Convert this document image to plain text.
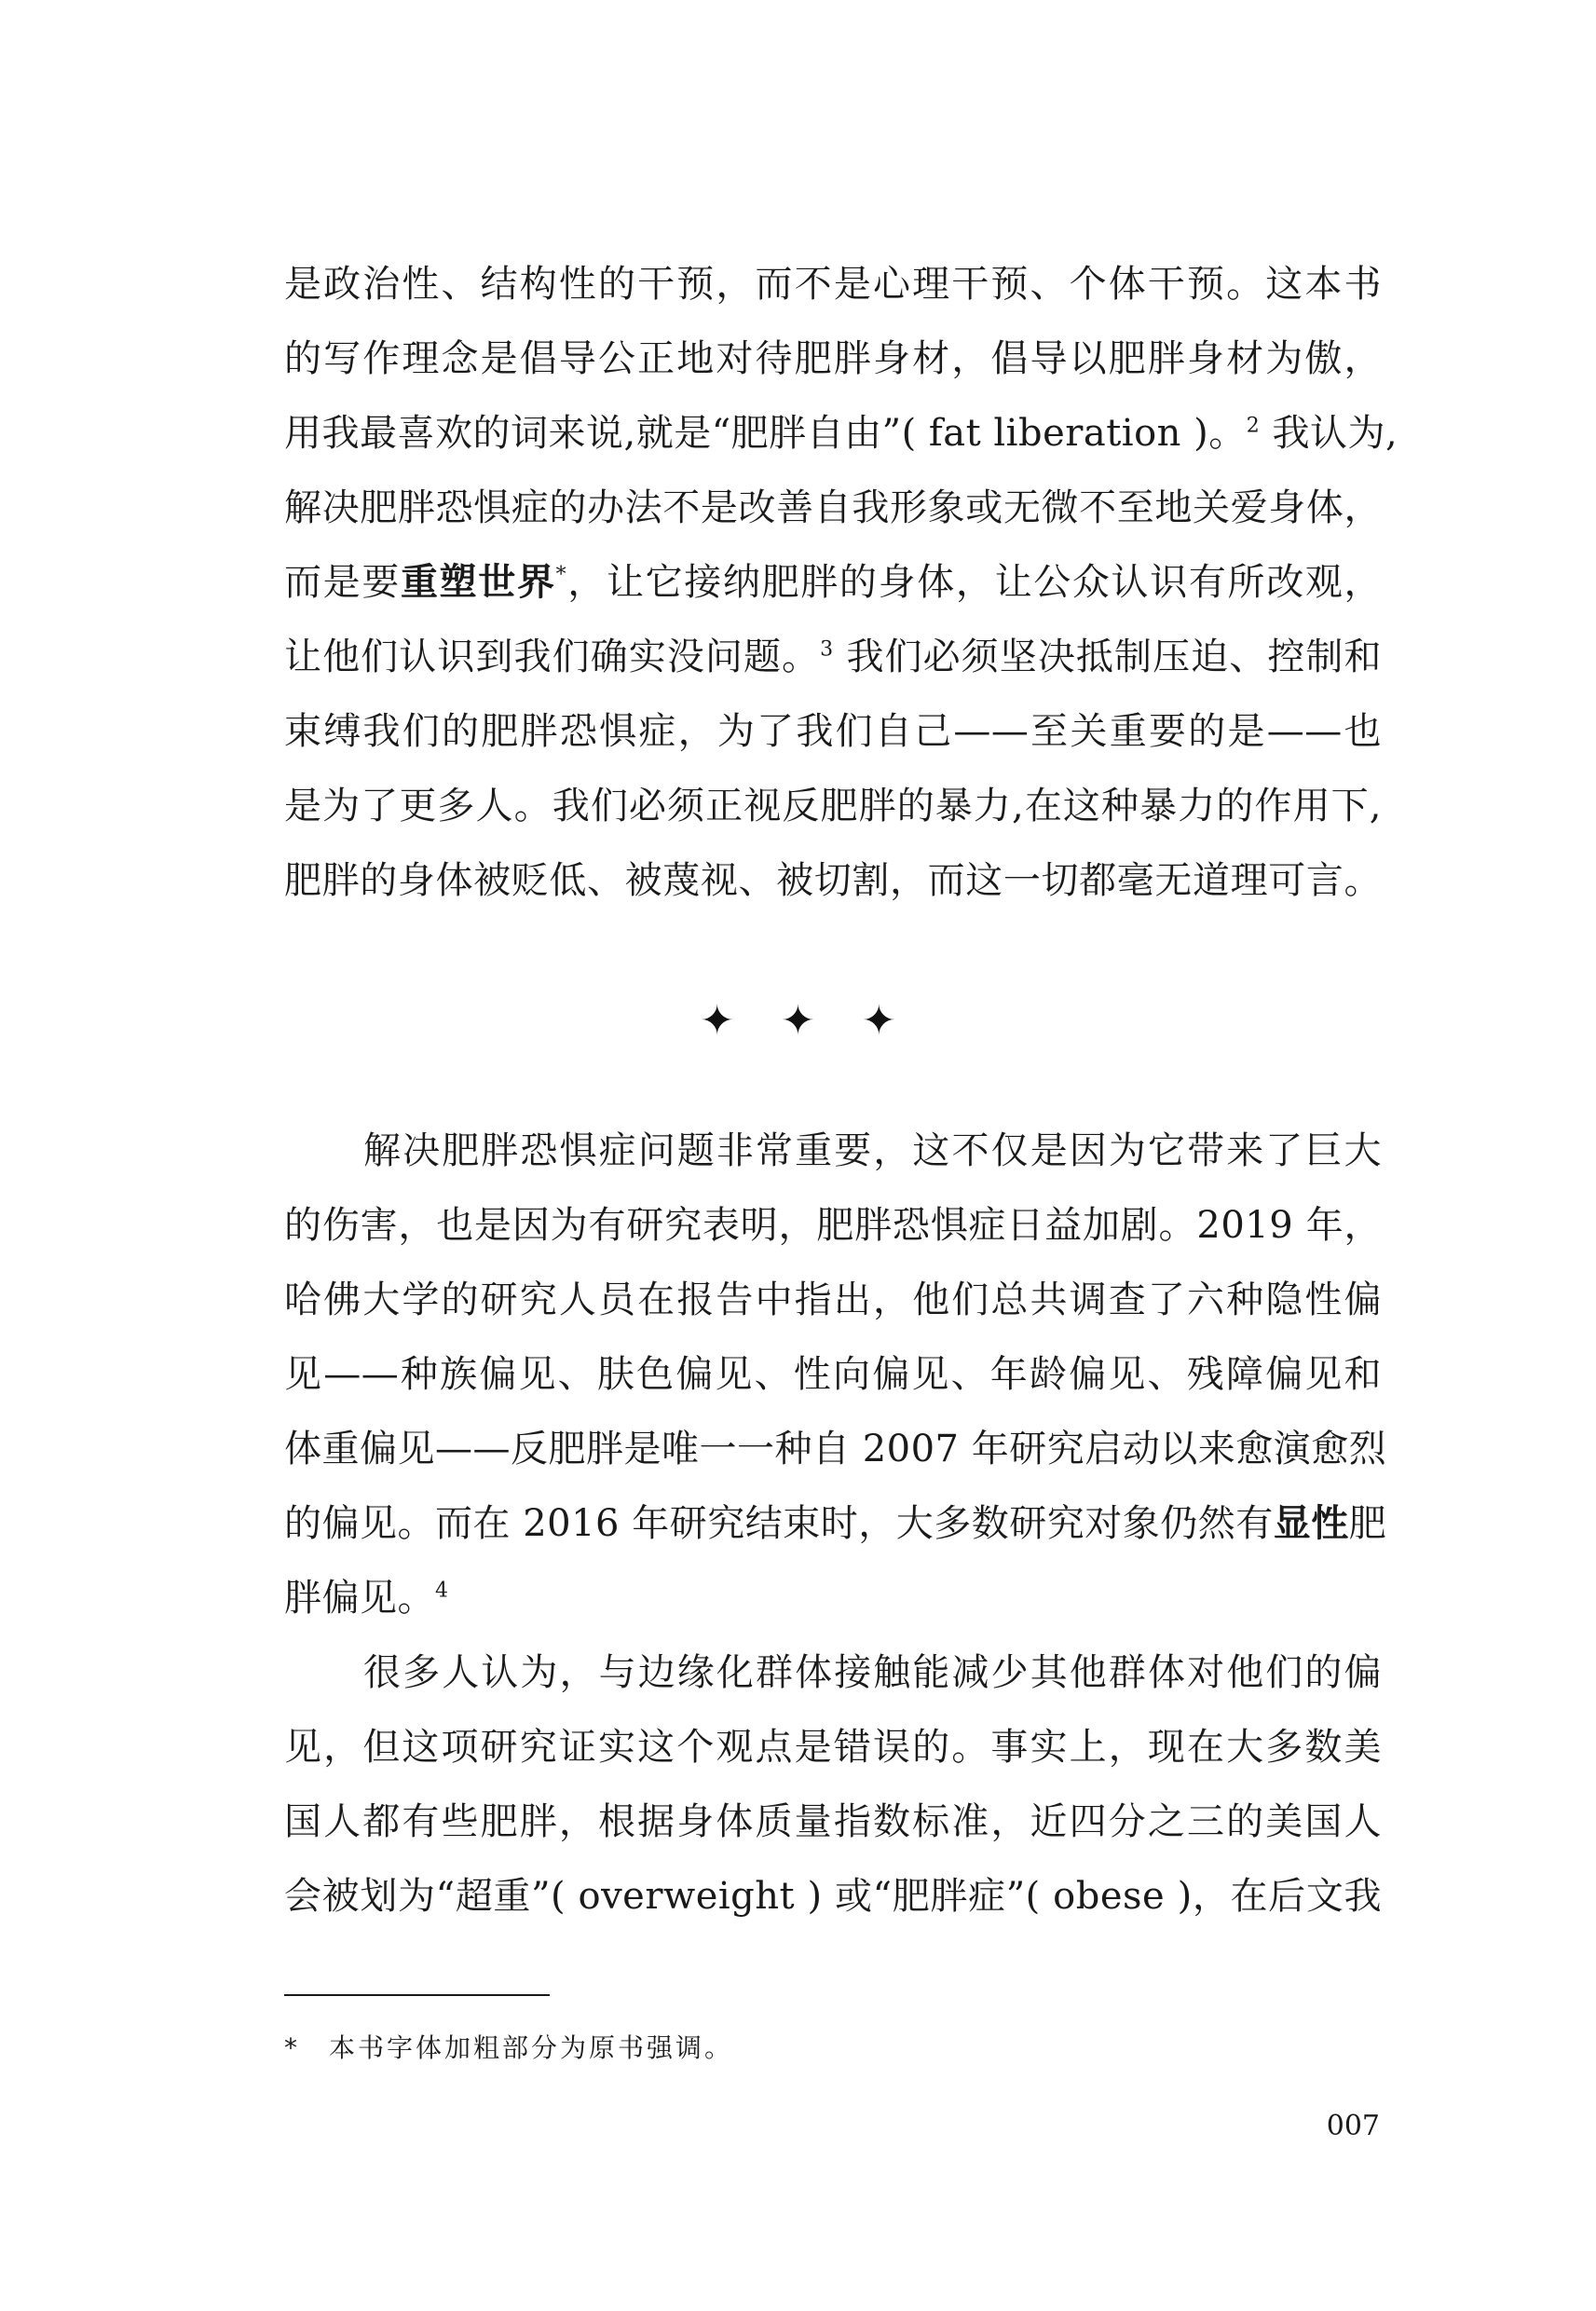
是政治性、结构性的干预，而不是心理干预、个体干预。这本书
的写作理念是倡导公正地对待肥胖身材，倡导以肥胖身材为傲，
用我最喜欢的词来说,就是“肥胖自由”( fat liberation )。$^2$ 我认为,
解决肥胖恐惧症的办法不是改善自我形象或无微不至地关爱身体，
而是要重塑世界*，让它接纳肥胖的身体，让公众认识有所改观，
让他们认识到我们确实没问题。$^3$ 我们必须坚决抵制压迫、控制和
束缚我们的肥胖恐惧症，为了我们自己——至关重要的是——也
是为了更多人。我们必须正视反肥胖的暴力,在这种暴力的作用下,
肥胖的身体被贬低、被蔑视、被切割，而这一切都毫无道理可言。
✦✦✦
解决肥胖恐惧症问题非常重要，这不仅是因为它带来了巨大
的伤害，也是因为有研究表明，肥胖恐惧症日益加剧。2019 年，
哈佛大学的研究人员在报告中指出，他们总共调查了六种隐性偏
见——种族偏见、肤色偏见、性向偏见、年龄偏见、残障偏见和
体重偏见——反肥胖是唯一一种自 2007 年研究启动以来愈演愈烈
的偏见。而在 2016 年研究结束时，大多数研究对象仍然有显性肥
胖偏见。$^4$
很多人认为，与边缘化群体接触能减少其他群体对他们的偏
见，但这项研究证实这个观点是错误的。事实上，现在大多数美
国人都有些肥胖，根据身体质量指数标准，近四分之三的美国人
会被划为“超重”( overweight ) 或“肥胖症”( obese )，在后文我
* 本书字体加粗部分为原书强调。
007
